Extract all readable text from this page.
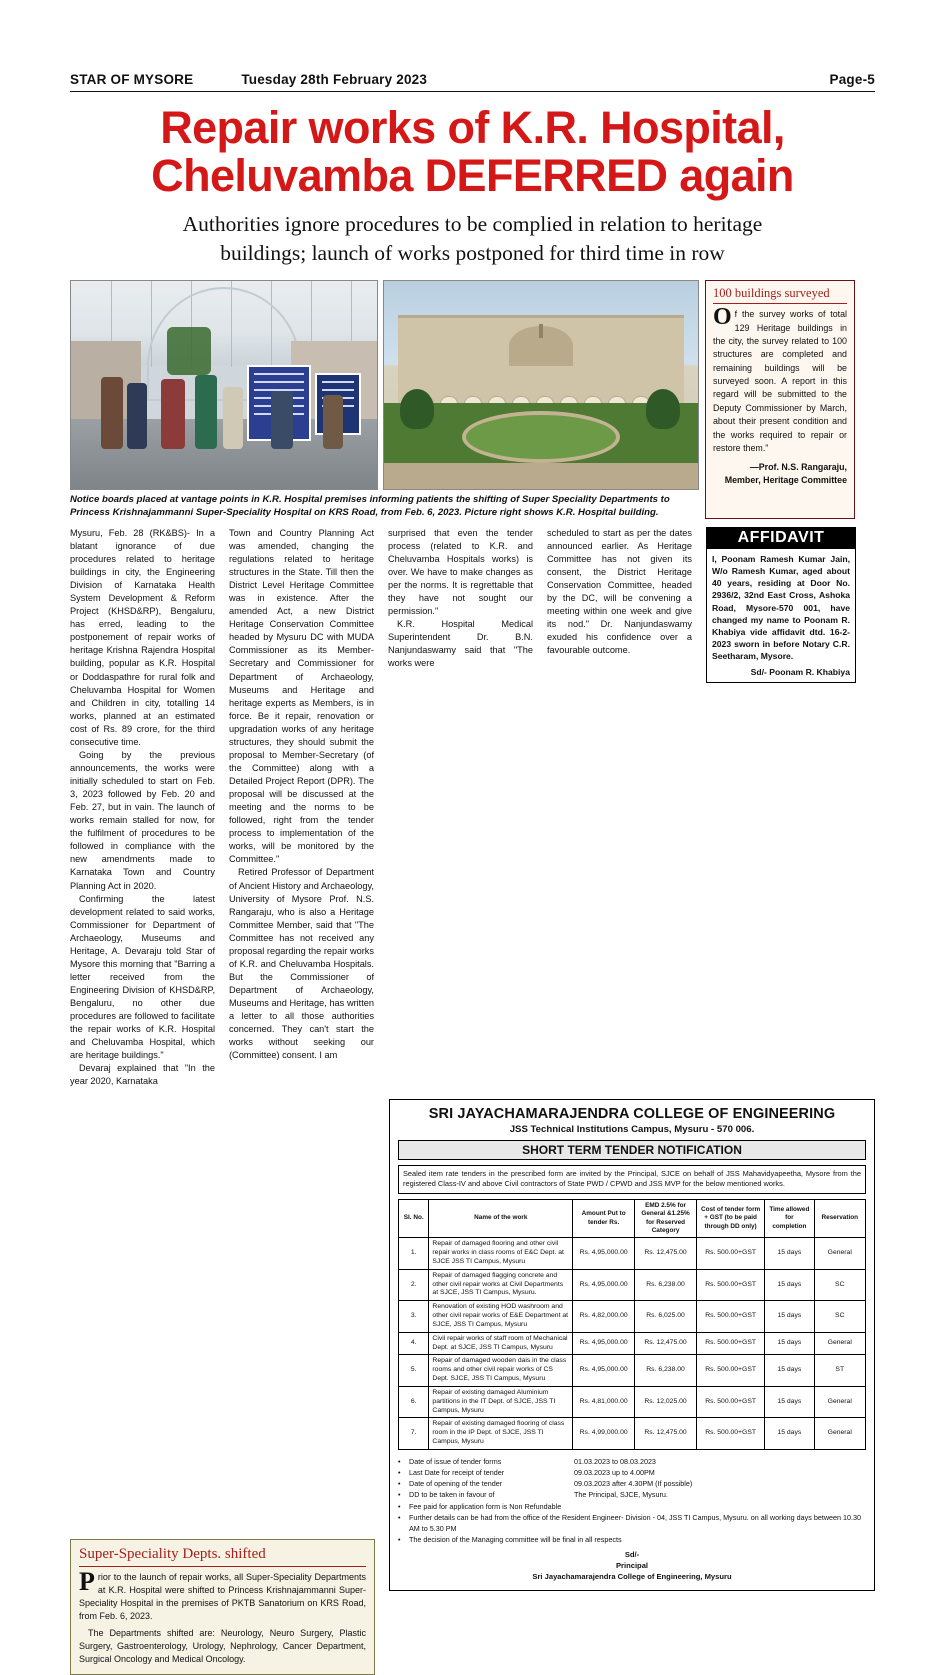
STAR OF MYSORE	Tuesday 28th February 2023	Page-5
Repair works of K.R. Hospital,
Cheluvamba DEFERRED again
Authorities ignore procedures to be complied in relation to heritage
buildings; launch of works postponed for third time in row
Notice boards placed at vantage points in K.R. Hospital premises informing patients the shifting of Super Speciality Departments to Princess Krishnajammanni Super-Speciality Hospital on KRS Road, from Feb. 6, 2023. Picture right shows K.R. Hospital building.
100 buildings surveyed
Of the survey works of total 129 Heritage buildings in the city, the survey related to 100 structures are completed and remaining buildings will be surveyed soon. A report in this regard will be submitted to the Deputy Commissioner by March, about their present condition and the works required to repair or restore them."
—Prof. N.S. Rangaraju,
Member, Heritage Committee

Mysuru, Feb. 28 (RK&BS)- In a blatant ignorance of due procedures related to heritage buildings in city, the Engineering Division of Karnataka Health System Development & Reform Project (KHSD&RP), Bengaluru, has erred, leading to the postponement of repair works of heritage Krishna Rajendra Hospital building, popular as K.R. Hospital or Doddaspathre for rural folk and Cheluvamba Hospital for Women and Children in city, totalling 14 works, planned at an estimated cost of Rs. 89 crore, for the third consecutive time.

Going by the previous announcements, the works were initially scheduled to start on Feb. 3, 2023 followed by Feb. 20 and Feb. 27, but in vain. The launch of works remain stalled for now, for the fulfilment of procedures to be followed in compliance with the new amendments made to Karnataka Town and Country Planning Act in 2020.

Confirming the latest development related to said works, Commissioner for Department of Archaeology, Museums and Heritage, A. Devaraju told Star of Mysore this morning that "Barring a letter received from the Engineering Division of KHSD&RP, Bengaluru, no other due procedures are followed to facilitate the repair works of K.R. Hospital and Cheluvamba Hospital, which are heritage buildings."

Devaraj explained that "In the year 2020, Karnataka

Town and Country Planning Act was amended, changing the regulations related to heritage structures in the State. Till then the District Level Heritage Committee was in existence. After the amended Act, a new District Heritage Conservation Committee headed by Mysuru DC with MUDA Commissioner as its Member-Secretary and Commissioner for Department of Archaeology, Museums and Heritage and heritage experts as Members, is in force. Be it repair, renovation or upgradation works of any heritage structures, they should submit the proposal to Member-Secretary (of the Committee) along with a Detailed Project Report (DPR). The proposal will be discussed at the meeting and the norms to be followed, right from the tender process to implementation of the works, will be monitored by the Committee."

Retired Professor of Department of Ancient History and Archaeology, University of Mysore Prof. N.S. Rangaraju, who is also a Heritage Committee Member, said that "The Committee has not received any proposal regarding the repair works of K.R. and Cheluvamba Hospitals. But the Commissioner of Department of Archaeology, Museums and Heritage, has written a letter to all those authorities concerned. They can't start the works without seeking our (Committee) consent. I am

surprised that even the tender process (related to K.R. and Cheluvamba Hospitals works) is over. We have to make changes as per the norms. It is regrettable that they have not sought our permission."

K.R. Hospital Medical Superintendent Dr. B.N. Nanjundaswamy said that "The works were

scheduled to start as per the dates announced earlier. As Heritage Committee has not given its consent, the District Heritage Conservation Committee, headed by the DC, will be convening a meeting within one week and give its nod." Dr. Nanjundaswamy exuded his confidence over a favourable outcome.

AFFIDAVIT
I, Poonam Ramesh Kumar Jain, W/o Ramesh Kumar, aged about 40 years, residing at Door No. 2936/2, 32nd East Cross, Ashoka Road, Mysore-570 001, have changed my name to Poonam R. Khabiya vide affidavit dtd. 16-2-2023 sworn in before Notary C.R. Seetharam, Mysore.
Sd/- Poonam R. Khabiya
Super-Speciality Depts. shifted

Prior to the launch of repair works, all Super-Speciality Departments at K.R. Hospital were shifted to Princess Krishnajammanni Super-Speciality Hospital in the premises of PKTB Sanatorium on KRS Road, from Feb. 6, 2023.

The Departments shifted are: Neurology, Neuro Surgery, Plastic Surgery, Gastroenterology, Urology, Nephrology, Cancer Department, Surgical Oncology and Medical Oncology.

SRI JAYACHAMARAJENDRA COLLEGE OF ENGINEERING
JSS Technical Institutions Campus, Mysuru - 570 006.
SHORT TERM TENDER NOTIFICATION
Sealed item rate tenders in the prescribed form are invited by the Principal, SJCE on behalf of JSS Mahavidyapeetha, Mysore from the registered Class-IV and above Civil contractors of State PWD / CPWD and JSS MVP for the below mentioned works.
Sl. No.	Name of the work	Amount Put to tender Rs.	EMD 2.5% for General &1.25% for Reserved Category	Cost of tender form + GST (to be paid through DD only)	Time allowed for completion	Reservation
1.	Repair of damaged flooring and other civil repair works in class rooms of E&C Dept. at SJCE JSS TI Campus, Mysuru	Rs. 4,95,000.00	Rs. 12,475.00	Rs. 500.00+GST	15 days	General
2.	Repair of damaged flagging concrete and other civil repair works at Civil Departments at SJCE, JSS TI Campus, Mysuru.	Rs. 4,95,000.00	Rs. 6,238.00	Rs. 500.00+GST	15 days	SC
3.	Renovation of existing HOD washroom and other civil repair works of E&E Department at SJCE, JSS TI Campus, Mysuru	Rs. 4,82,000.00	Rs. 6,025.00	Rs. 500.00+GST	15 days	SC
4.	Civil repair works of staff room of Mechanical Dept. at SJCE, JSS TI Campus, Mysuru	Rs. 4,95,000.00	Rs. 12,475.00	Rs. 500.00+GST	15 days	General
5.	Repair of damaged wooden dais in the class rooms and other civil repair works of CS Dept. SJCE, JSS TI Campus, Mysuru	Rs. 4,95,000.00	Rs. 6,238.00	Rs. 500.00+GST	15 days	ST
6.	Repair of existing damaged Aluminium partitions in the IT Dept. of SJCE, JSS TI Campus, Mysuru	Rs. 4,81,000.00	Rs. 12,025.00	Rs. 500.00+GST	15 days	General
7.	Repair of existing damaged flooring of class room in the IP Dept. of SJCE, JSS TI Campus, Mysuru	Rs. 4,99,000.00	Rs. 12,475.00	Rs. 500.00+GST	15 days	General
•	Date of issue of tender forms	01.03.2023 to 08.03.2023
•	Last Date for receipt of tender	09.03.2023 up to 4.00PM
•	Date of opening of the tender	09.03.2023 after 4.30PM (If possible)
•	DD to be taken in favour of	The Principal, SJCE, Mysuru.
•	Fee paid for application form is Non Refundable
•	Further details can be had from the office of the Resident Engineer- Division - 04, JSS TI Campus, Mysuru. on all working days between 10.30 AM to 5.30 PM
•	The decision of the Managing committee will be final in all respects
Sd/-
Principal
Sri Jayachamarajendra College of Engineering, Mysuru
